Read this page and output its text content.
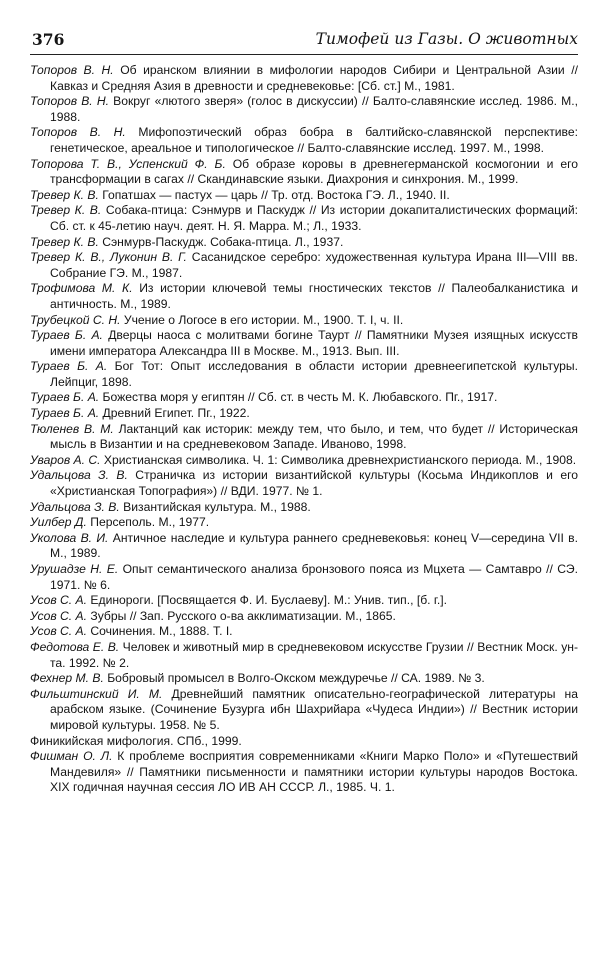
376	Тимофей из Газы. О животных
Топоров В. Н. Об иранском влиянии в мифологии народов Сибири и Центральной Азии // Кавказ и Средняя Азия в древности и средневековье: [Сб. ст.] М., 1981.
Топоров В. Н. Вокруг «лютого зверя» (голос в дискуссии) // Балто-славянские исслед. 1986. М., 1988.
Топоров В. Н. Мифопоэтический образ бобра в балтийско-славянской перспективе: генетическое, ареальное и типологическое // Балто-славянские исслед. 1997. М., 1998.
Топорова Т. В., Успенский Ф. Б. Об образе коровы в древнегерманской космогонии и его трансформации в сагах // Скандинавские языки. Диахрония и синхрония. М., 1999.
Тревер К. В. Гопатшах — пастух — царь // Тр. отд. Востока ГЭ. Л., 1940. II.
Тревер К. В. Собака-птица: Сэнмурв и Паскудж // Из истории докапиталистических формаций: Сб. ст. к 45-летию науч. деят. Н. Я. Марра. М.; Л., 1933.
Тревер К. В. Сэнмурв-Паскудж. Собака-птица. Л., 1937.
Тревер К. В., Луконин В. Г. Сасанидское серебро: художественная культура Ирана III—VIII вв. Собрание ГЭ. М., 1987.
Трофимова М. К. Из истории ключевой темы гностических текстов // Палеобалканистика и античность. М., 1989.
Трубецкой С. Н. Учение о Логосе в его истории. М., 1900. Т. I, ч. II.
Тураев Б. А. Дверцы наоса с молитвами богине Таурт // Памятники Музея изящных искусств имени императора Александра III в Москве. М., 1913. Вып. III.
Тураев Б. А. Бог Тот: Опыт исследования в области истории древнеегипетской культуры. Лейпциг, 1898.
Тураев Б. А. Божества моря у египтян // Сб. ст. в честь М. К. Любавского. Пг., 1917.
Тураев Б. А. Древний Египет. Пг., 1922.
Тюленев В. М. Лактанций как историк: между тем, что было, и тем, что будет // Историческая мысль в Византии и на средневековом Западе. Иваново, 1998.
Уваров А. С. Христианская символика. Ч. 1: Символика древнехристианского периода. М., 1908.
Удальцова З. В. Страничка из истории византийской культуры (Косьма Индикоплов и его «Христианская Топография») // ВДИ. 1977. № 1.
Удальцова З. В. Византийская культура. М., 1988.
Уилбер Д. Персеполь. М., 1977.
Уколова В. И. Античное наследие и культура раннего средневековья: конец V—середина VII в. М., 1989.
Урушадзе Н. Е. Опыт семантического анализа бронзового пояса из Мцхета — Самтавро // СЭ. 1971. № 6.
Усов С. А. Единороги. [Посвящается Ф. И. Буслаеву]. М.: Унив. тип., [б. г.].
Усов С. А. Зубры // Зап. Русского о-ва акклиматизации. М., 1865.
Усов С. А. Сочинения. М., 1888. Т. I.
Федотова Е. В. Человек и животный мир в средневековом искусстве Грузии // Вестник Моск. ун-та. 1992. № 2.
Фехнер М. В. Бобровый промысел в Волго-Окском междуречье // СА. 1989. № 3.
Фильштинский И. М. Древнейший памятник описательно-географической литературы на арабском языке. (Сочинение Бузурга ибн Шахрийара «Чудеса Индии») // Вестник истории мировой культуры. 1958. № 5.
Финикийская мифология. СПб., 1999.
Фишман О. Л. К проблеме восприятия современниками «Книги Марко Поло» и «Путешествий Мандевиля» // Памятники письменности и памятники истории культуры народов Востока. XIX годичная научная сессия ЛО ИВ АН СССР. Л., 1985. Ч. 1.
